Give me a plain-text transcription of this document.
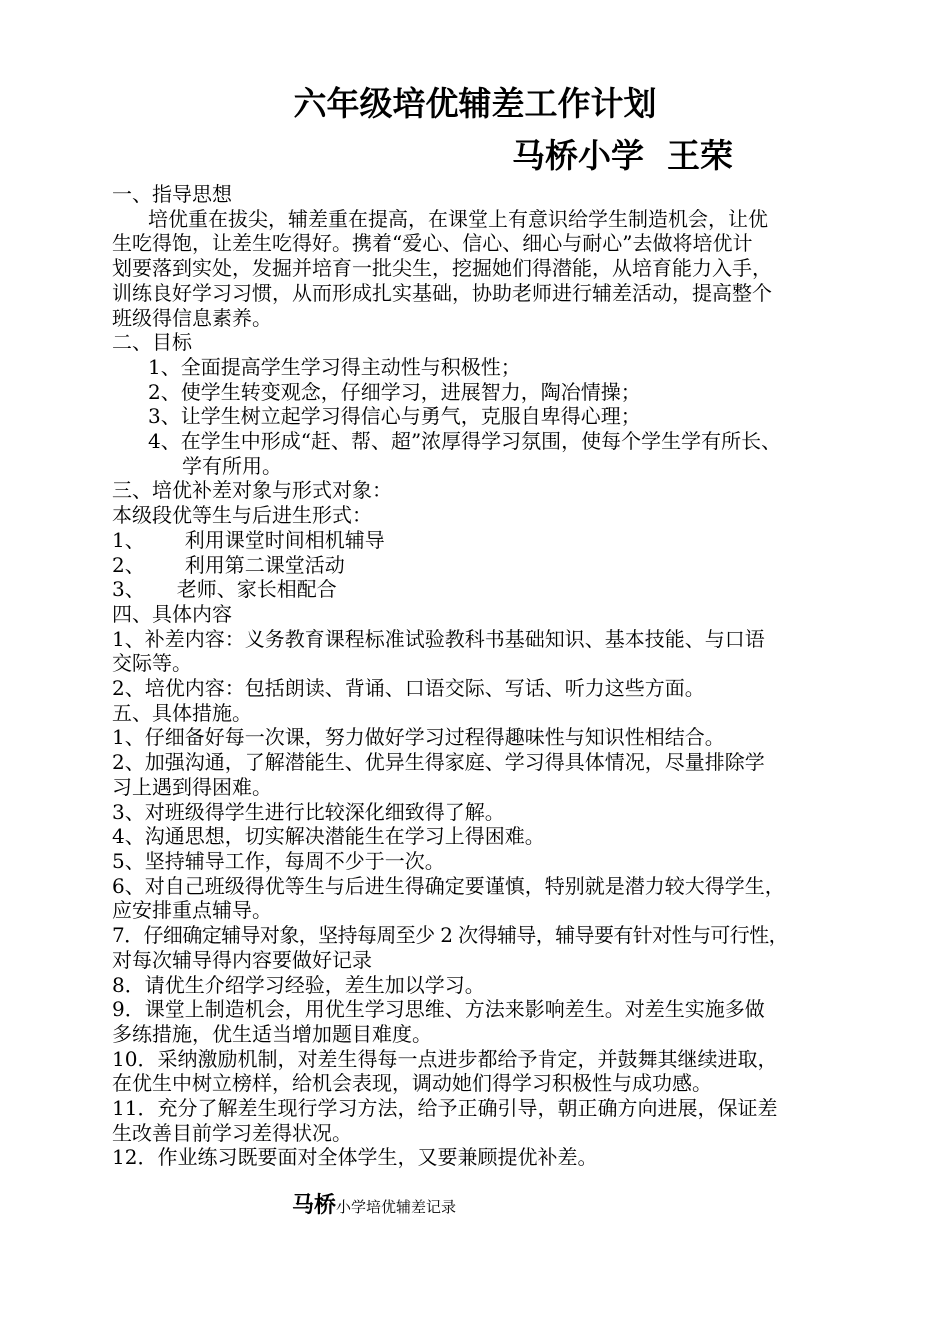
六年级培优辅差工作计划
马桥小学  王荣

一、指导思想

培优重在拔尖，辅差重在提高，在课堂上有意识给学生制造机会，让优

生吃得饱，让差生吃得好。携着“爱心、信心、细心与耐心”去做将培优计

划要落到实处，发掘并培育一批尖生，挖掘她们得潜能，从培育能力入手，

训练良好学习习惯，从而形成扎实基础，协助老师进行辅差活动，提高整个

班级得信息素养。

二、目标

1、全面提高学生学习得主动性与积极性；

2、使学生转变观念，仔细学习，进展智力，陶冶情操；

3、让学生树立起学习得信心与勇气，克服自卑得心理；

4、在学生中形成“赶、帮、超”浓厚得学习氛围，使每个学生学有所长、

学有所用。

三、培优补差对象与形式对象：

本级段优等生与后进生形式：

1、 利用课堂时间相机辅导

2、 利用第二课堂活动

3、 老师、家长相配合

四、具体内容

1、补差内容：义务教育课程标准试验教科书基础知识、基本技能、与口语

交际等。

2、培优内容：包括朗读、背诵、口语交际、写话、听力这些方面。

五、具体措施。

1、仔细备好每一次课，努力做好学习过程得趣味性与知识性相结合。

2、加强沟通，了解潜能生、优异生得家庭、学习得具体情况，尽量排除学

习上遇到得困难。

3、对班级得学生进行比较深化细致得了解。

4、沟通思想，切实解决潜能生在学习上得困难。

5、坚持辅导工作，每周不少于一次。

6、对自己班级得优等生与后进生得确定要谨慎，特别就是潜力较大得学生，

应安排重点辅导。

7．仔细确定辅导对象，坚持每周至少 2 次得辅导，辅导要有针对性与可行性，

对每次辅导得内容要做好记录

8．请优生介绍学习经验，差生加以学习。

9．课堂上制造机会，用优生学习思维、方法来影响差生。对差生实施多做

多练措施，优生适当增加题目难度。

10．采纳激励机制，对差生得每一点进步都给予肯定，并鼓舞其继续进取，

在优生中树立榜样，给机会表现，调动她们得学习积极性与成功感。

11．充分了解差生现行学习方法，给予正确引导，朝正确方向进展，保证差

生改善目前学习差得状况。

12．作业练习既要面对全体学生，又要兼顾提优补差。

马桥小学培优辅差记录
